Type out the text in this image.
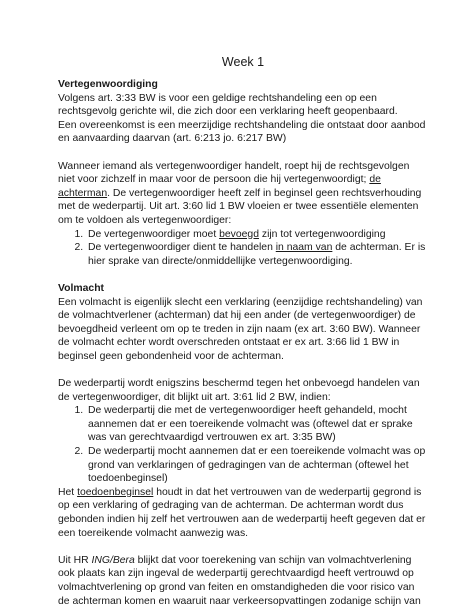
Week 1
Vertegenwoordiging

Volgens art. 3:33 BW is voor een geldige rechtshandeling een op een rechtsgevolg gerichte wil, die zich door een verklaring heeft geopenbaard.

Een overeenkomst is een meerzijdige rechtshandeling die ontstaat door aanbod en aanvaarding daarvan (art. 6:213 jo. 6:217 BW)

Wanneer iemand als vertegenwoordiger handelt, roept hij de rechtsgevolgen niet voor zichzelf in maar voor de persoon die hij vertegenwoordigt; de achterman. De vertegenwoordiger heeft zelf in beginsel geen rechtsverhouding met de wederpartij. Uit art. 3:60 lid 1 BW vloeien er twee essentiële elementen om te voldoen als vertegenwoordiger:

1. De vertegenwoordiger moet bevoegd zijn tot vertegenwoordiging
2. De vertegenwoordiger dient te handelen in naam van de achterman. Er is hier sprake van directe/onmiddellijke vertegenwoordiging.
Volmacht

Een volmacht is eigenlijk slecht een verklaring (eenzijdige rechtshandeling) van de volmachtverlener (achterman) dat hij een ander (de vertegenwoordiger) de bevoegdheid verleent om op te treden in zijn naam (ex art. 3:60 BW). Wanneer de volmacht echter wordt overschreden ontstaat er ex art. 3:66 lid 1 BW in beginsel geen gebondenheid voor de achterman.

De wederpartij wordt enigszins beschermd tegen het onbevoegd handelen van de vertegenwoordiger, dit blijkt uit art. 3:61 lid 2 BW, indien:

1. De wederpartij die met de vertegenwoordiger heeft gehandeld, mocht aannemen dat er een toereikende volmacht was (oftewel dat er sprake was van gerechtvaardigd vertrouwen ex art. 3:35 BW)
2. De wederpartij mocht aannemen dat er een toereikende volmacht was op grond van verklaringen of gedragingen van de achterman (oftewel het toedoenbeginsel)

Het toedoenbeginsel houdt in dat het vertrouwen van de wederpartij gegrond is op een verklaring of gedraging van de achterman. De achterman wordt dus gebonden indien hij zelf het vertrouwen aan de wederpartij heeft gegeven dat er een toereikende volmacht aanwezig was.

Uit HR ING/Bera blijkt dat voor toerekening van schijn van volmachtverlening ook plaats kan zijn ingeval de wederpartij gerechtvaardigd heeft vertrouwd op volmachtverlening op grond van feiten en omstandigheden die voor risico van de achterman komen en waaruit naar verkeersopvattingen zodanige schijn van
